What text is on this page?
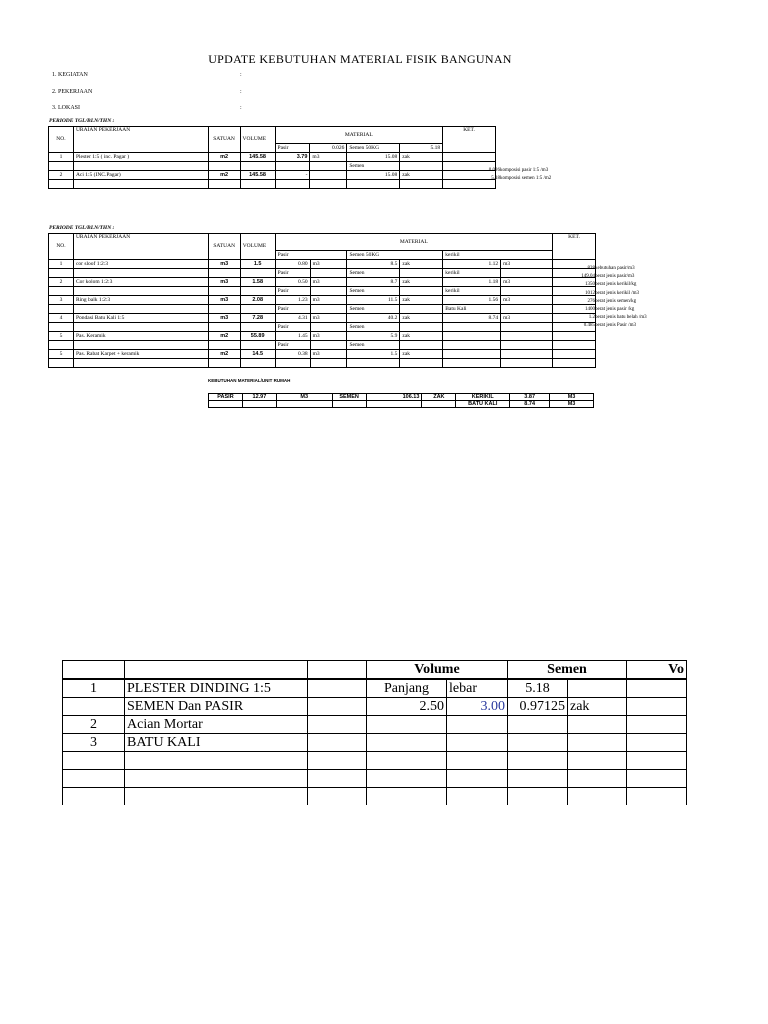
UPDATE KEBUTUHAN MATERIAL FISIK BANGUNAN
1. KEGIATAN	:
2. PEKERJAAN	:
3. LOKASI	:
PERIODE TGL/BLN/THN :
NO.	URAIAN PEKERJAAN	SATUAN	VOLUME	MATERIAL				KET.
				Pasir	0.026	Semen 50KG	5.18	
1	Plester 1:5 ( inc. Pagar )	m2	145.58	3.79	m3	15.08	zak	
						Semen		
2	Aci 1:5 (INC.Pagar)	m2	145.58	-		15.08	zak	

0.026komposisi pasir 1:5 /m3
5.18komposisi semen 1:5 /m2
PERIODE TGL/BLN/THN :
NO.	URAIAN PEKERJAAN	SATUAN	VOLUME	MATERIAL						KET.
				Pasir		Semen 50KG		kerikil		
1	cor sloof 1:2:3	m3	1.5	0.80	m3	8.5	zak	1.12	m3	
				Pasir		Semen		kerikil		
2	Cor kolom 1:2:3	m3	1.58	0.50	m3	8.7	zak	1.18	m3	
				Pasir		Semen		kerikil		
3	Ring balk 1:2:3	m3	2.08	1.23	m3	11.5	zak	1.56	m3	
				Pasir		Semen		Batu Kali		
4	Pondasi Batu Kali 1:5	m3	7.28	4.31	m3	40.2	zak	8.74	m3	
				Pasir		Semen				
5	Pas. Keramik	m2	55.89	1.45	m3	5.9	zak			
				Pasir		Semen				
5	Pas. Rabat Karpet + keramik	m2	14.5	0.38	m3	1.5	zak			

828kebutuhan pasir/m3
149.04berat jenis pasir/m3
1350berat jenis kerikil/kg
1012berat jenis kerikil /m3
276berat jenis semen/kg
1400berat jenis pasir /kg
1.2berat jenis batu belah /m3
0.485berat jenis Pasir /m3
KEBUTUHAN MATERIAL/UNIT RUMAH
PASIR	12.97	M3	SEMEN	106.13	ZAK	KERIKIL	3.87	M3
						BATU KALI	8.74	M3
			Volume		Semen		Vo
1	PLESTER DINDING 1:5		Panjang	lebar	5.18		
	SEMEN Dan PASIR		2.50	3.00	0.97125	zak	
2	Acian Mortar						
3	BATU KALI						
